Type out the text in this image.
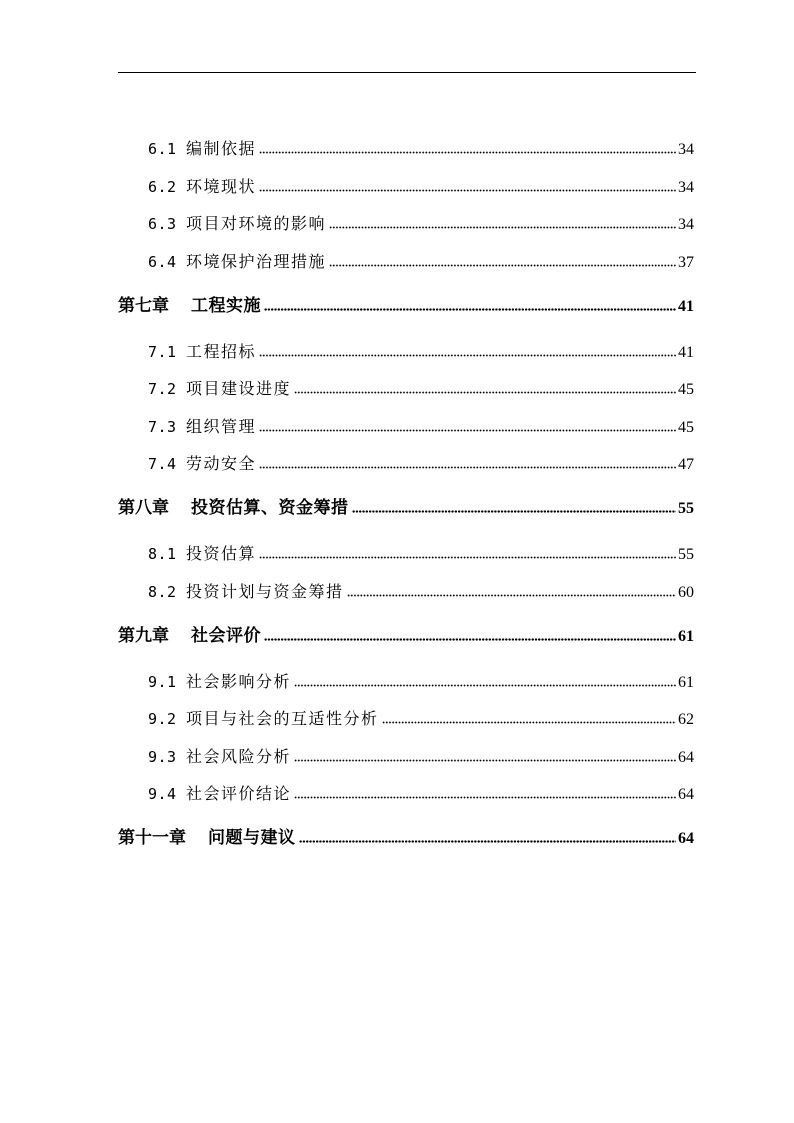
6.1 编制依据	34
6.2 环境现状	34
6.3 项目对环境的影响	34
6.4 环境保护治理措施	37
第七章 工程实施	41
7.1 工程招标	41
7.2 项目建设进度	45
7.3 组织管理	45
7.4 劳动安全	47
第八章 投资估算、资金筹措	55
8.1 投资估算	55
8.2 投资计划与资金筹措	60
第九章 社会评价	61
9.1 社会影响分析	61
9.2 项目与社会的互适性分析	62
9.3 社会风险分析	64
9.4 社会评价结论	64
第十一章 问题与建议	64
